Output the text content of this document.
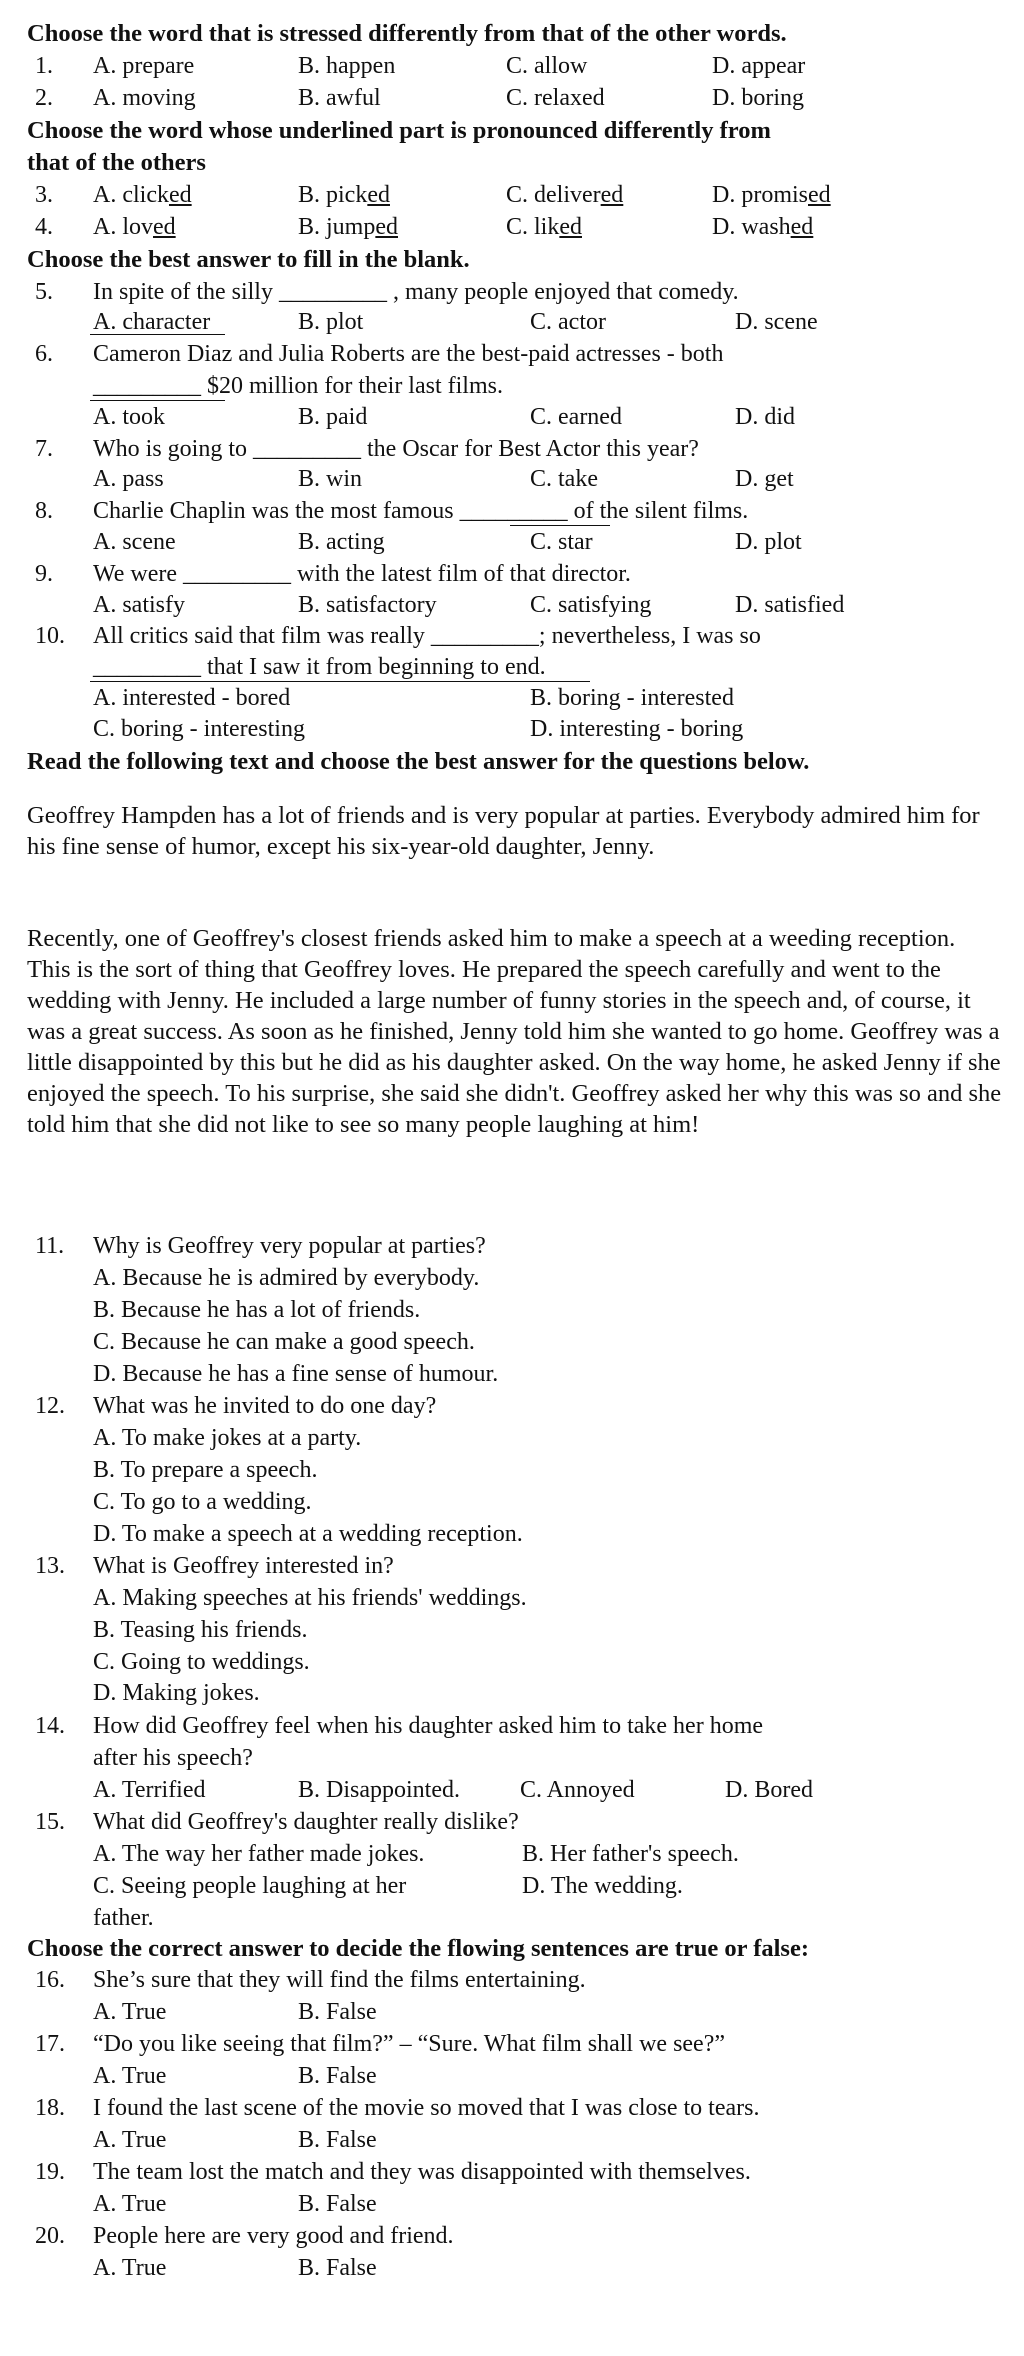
Choose the word that is stressed differently from that of the other words.
1. A. prepare	B. happen	C. allow	D. appear
2. A. moving	B. awful	C. relaxed	D. boring
Choose the word whose underlined part is pronounced differently from
that of the others
3. A. clicked	B. picked	C. delivered	D. promised
4. A. loved	B. jumped	C. liked	D. washed
Choose the best answer to fill in the blank.
5. In spite of the silly _________ , many people enjoyed that comedy.
A. character	B. plot	C. actor	D. scene
6. Cameron Diaz and Julia Roberts are the best-paid actresses - both
_________ $20 million for their last films.
A. took	B. paid	C. earned	D. did
7. Who is going to _________ the Oscar for Best Actor this year?
A. pass	B. win	C. take	D. get
8. Charlie Chaplin was the most famous _________ of the silent films.
A. scene	B. acting	C. star	D. plot
9. We were _________ with the latest film of that director.
A. satisfy	B. satisfactory	C. satisfying	D. satisfied
10. All critics said that film was really _________; nevertheless, I was so
_________ that I saw it from beginning to end.
A. interested - bored	B. boring - interested
C. boring - interesting	D. interesting - boring
Read the following text and choose the best answer for the questions below.

Geoffrey Hampden has a lot of friends and is very popular at parties. Everybody admired him for his fine sense of humor, except his six-year-old daughter, Jenny.

Recently, one of Geoffrey's closest friends asked him to make a speech at a weeding reception. This is the sort of thing that Geoffrey loves. He prepared the speech carefully and went to the wedding with Jenny. He included a large number of funny stories in the speech and, of course, it was a great success. As soon as he finished, Jenny told him she wanted to go home. Geoffrey was a little disappointed by this but he did as his daughter asked. On the way home, he asked Jenny if she enjoyed the speech. To his surprise, she said she didn't. Geoffrey asked her why this was so and she told him that she did not like to see so many people laughing at him!

11. Why is Geoffrey very popular at parties?
A. Because he is admired by everybody.
B. Because he has a lot of friends.
C. Because he can make a good speech.
D. Because he has a fine sense of humour.
12. What was he invited to do one day?
A. To make jokes at a party.
B. To prepare a speech.
C. To go to a wedding.
D. To make a speech at a wedding reception.
13. What is Geoffrey interested in?
A. Making speeches at his friends' weddings.
B. Teasing his friends.
C. Going to weddings.
D. Making jokes.
14. How did Geoffrey feel when his daughter asked him to take her home
after his speech?
A. Terrified	B. Disappointed.	C. Annoyed	D. Bored
15. What did Geoffrey's daughter really dislike?
A. The way her father made jokes.	B. Her father's speech.
C. Seeing people laughing at her
father.
D. The wedding.
Choose the correct answer to decide the flowing sentences are true or false:
16. She’s sure that they will find the films entertaining.
A. True	B. False
17. “Do you like seeing that film?” – “Sure. What film shall we see?”
A. True	B. False
18. I found the last scene of the movie so moved that I was close to tears.
A. True	B. False
19. The team lost the match and they was disappointed with themselves.
A. True	B. False
20. People here are very good and friend.
A. True	B. False
